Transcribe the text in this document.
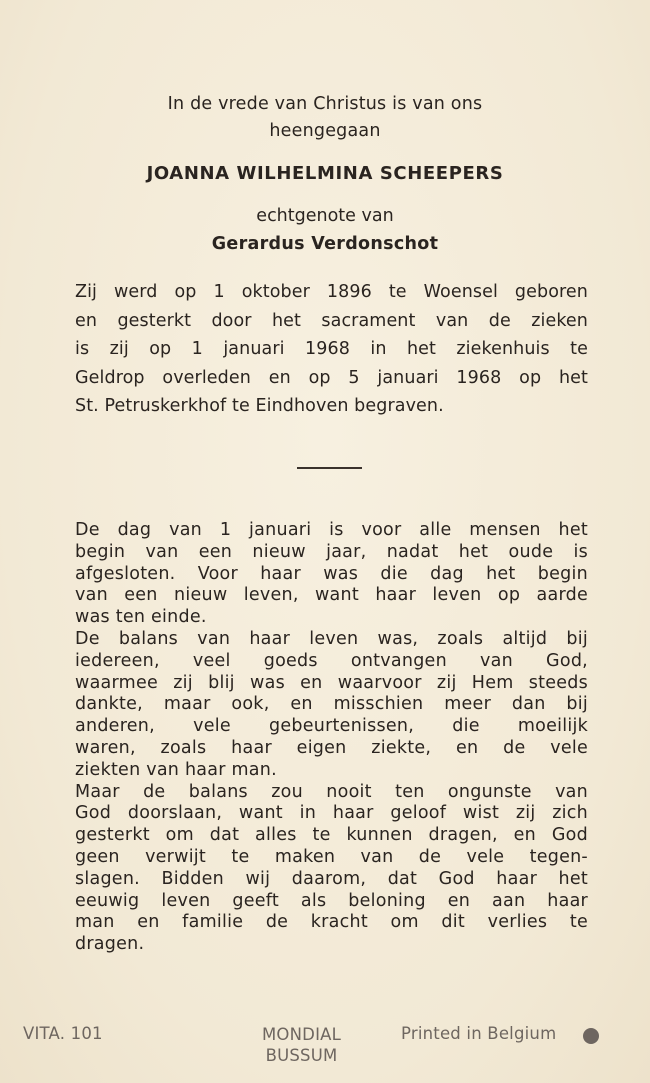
In de vrede van Christus is van ons
heengegaan
JOANNA WILHELMINA SCHEEPERS
echtgenote van
Gerardus Verdonschot

Zij werd op 1 oktober 1896 te Woensel geboren

en gesterkt door het sacrament van de zieken

is zij op 1 januari 1968 in het ziekenhuis te

Geldrop overleden en op 5 januari 1968 op het

St. Petruskerkhof te Eindhoven begraven.

De dag van 1 januari is voor alle mensen het

begin van een nieuw jaar, nadat het oude is

afgesloten. Voor haar was die dag het begin

van een nieuw leven, want haar leven op aarde

was ten einde.

De balans van haar leven was, zoals altijd bij

iedereen, veel goeds ontvangen van God,

waarmee zij blij was en waarvoor zij Hem steeds

dankte, maar ook, en misschien meer dan bij

anderen, vele gebeurtenissen, die moeilijk

waren, zoals haar eigen ziekte, en de vele

ziekten van haar man.

Maar de balans zou nooit ten ongunste van

God doorslaan, want in haar geloof wist zij zich

gesterkt om dat alles te kunnen dragen, en God

geen verwijt te maken van de vele tegen-

slagen. Bidden wij daarom, dat God haar het

eeuwig leven geeft als beloning en aan haar

man en familie de kracht om dit verlies te

dragen.

VITA. 101	MONDIAL
BUSSUM
Printed in Belgium
